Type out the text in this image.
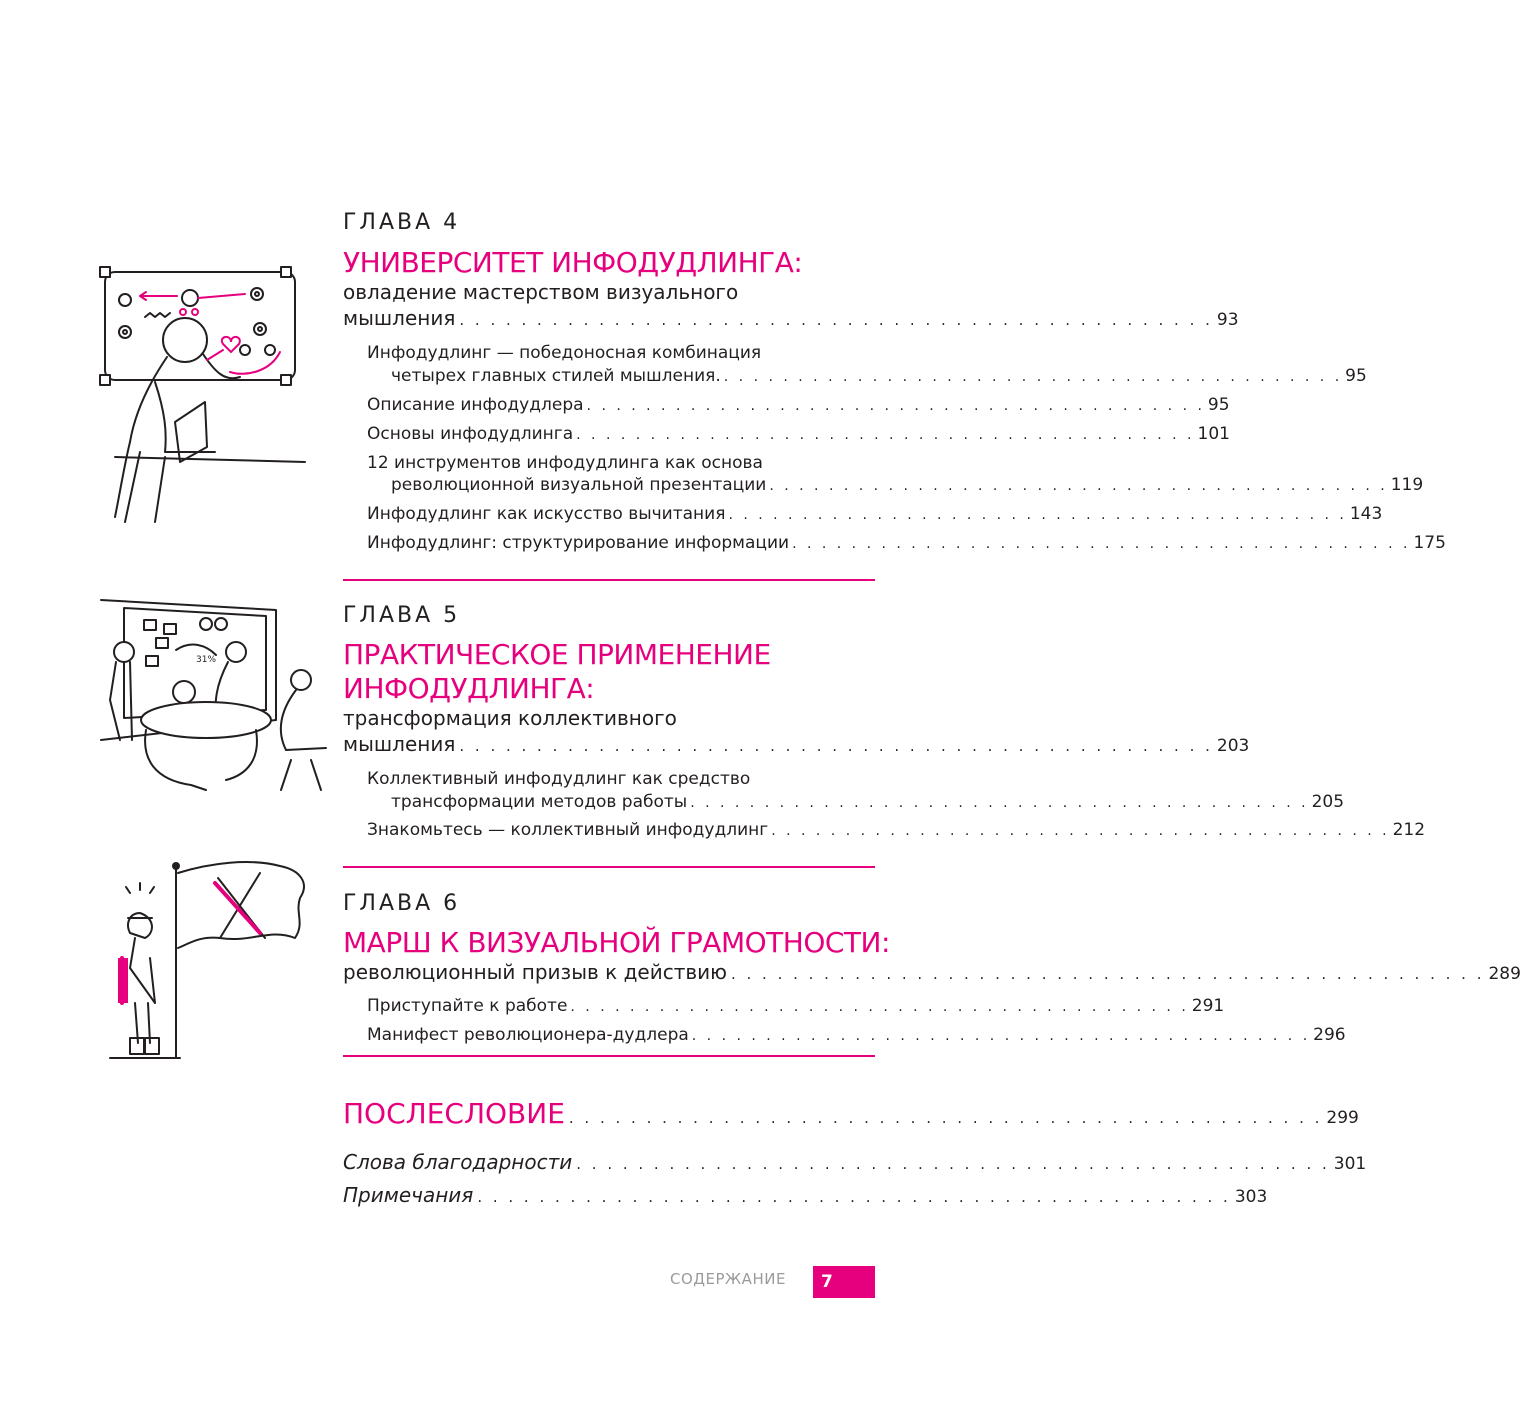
31%
ГЛАВА 4
УНИВЕРСИТЕТ ИНФОДУДЛИНГА:
овладение мастерством визуального
мышления . . . . . . . . . . . . . . . . . . . . . . . . . . . . . . . . . . . . . . . . . . . . . . . . . 93
Инфодудлинг — победоносная комбинация
четырех главных стилей мышления. . . . . . . . . . . . . . . . . . . . . . . . . . . . . . . . . . . . . . . . . . . 95
Описание инфодудлера . . . . . . . . . . . . . . . . . . . . . . . . . . . . . . . . . . . . . . . . . . 95
Основы инфодудлинга . . . . . . . . . . . . . . . . . . . . . . . . . . . . . . . . . . . . . . . . . . 101
12 инструментов инфодудлинга как основа
революционной визуальной презентации . . . . . . . . . . . . . . . . . . . . . . . . . . . . . . . . . . . . . . . . . . 119
Инфодудлинг как искусство вычитания . . . . . . . . . . . . . . . . . . . . . . . . . . . . . . . . . . . . . . . . . . 143
Инфодудлинг: структурирование информации . . . . . . . . . . . . . . . . . . . . . . . . . . . . . . . . . . . . . . . . . . 175
ГЛАВА 5
ПРАКТИЧЕСКОЕ ПРИМЕНЕНИЕ
ИНФОДУДЛИНГА:
трансформация коллективного
мышления . . . . . . . . . . . . . . . . . . . . . . . . . . . . . . . . . . . . . . . . . . . . . . . . . 203
Коллективный инфодудлинг как средство
трансформации методов работы . . . . . . . . . . . . . . . . . . . . . . . . . . . . . . . . . . . . . . . . . . 205
Знакомьтесь — коллективный инфодудлинг . . . . . . . . . . . . . . . . . . . . . . . . . . . . . . . . . . . . . . . . . . 212
ГЛАВА 6
МАРШ К ВИЗУАЛЬНОЙ ГРАМОТНОСТИ:
революционный призыв к действию . . . . . . . . . . . . . . . . . . . . . . . . . . . . . . . . . . . . . . . . . . . . . . . . . 289
Приступайте к работе . . . . . . . . . . . . . . . . . . . . . . . . . . . . . . . . . . . . . . . . . . 291
Манифест революционера-дудлера . . . . . . . . . . . . . . . . . . . . . . . . . . . . . . . . . . . . . . . . . . 296
ПОСЛЕСЛОВИЕ . . . . . . . . . . . . . . . . . . . . . . . . . . . . . . . . . . . . . . . . . . . . . . . . . 299
Слова благодарности . . . . . . . . . . . . . . . . . . . . . . . . . . . . . . . . . . . . . . . . . . . . . . . . . 301
Примечания . . . . . . . . . . . . . . . . . . . . . . . . . . . . . . . . . . . . . . . . . . . . . . . . . 303
СОДЕРЖАНИЕ	7
